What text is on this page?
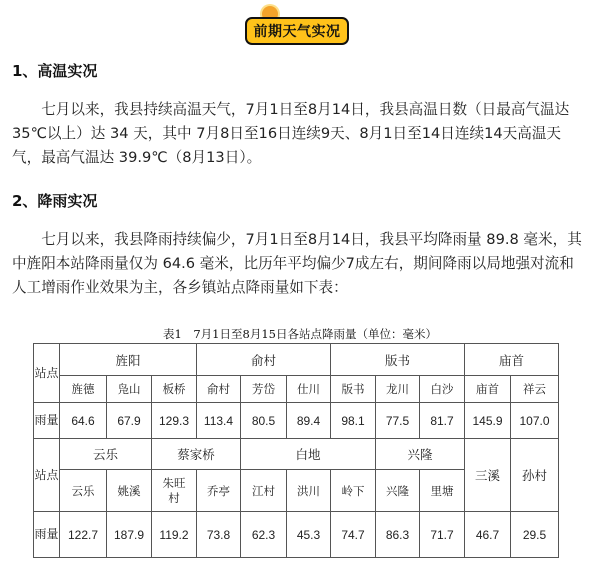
前期天气实况
1、高温实况
七月以来，我县持续高温天气，7月1日至8月14日，我县高温日数（日最高气温达35℃以上）达 34 天，其中 7月8日至16日连续9天、8月1日至14日连续14天高温天气，最高气温达 39.9℃（8月13日）。
2、降雨实况
七月以来，我县降雨持续偏少，7月1日至8月14日，我县平均降雨量 89.8 毫米，其中旌阳本站降雨量仅为 64.6 毫米，比历年平均偏少7成左右，期间降雨以局地强对流和人工增雨作业效果为主，各乡镇站点降雨量如下表：
表1　7月1日至8月15日各站点降雨量（单位：毫米）
站点	旌阳			俞村			版书			庙首	
	旌德	凫山	板桥	俞村	芳岱	仕川	版书	龙川	白沙	庙首	祥云
雨量	64.6	67.9	129.3	113.4	80.5	89.4	98.1	77.5	81.7	145.9	107.0
站点	云乐		蔡家桥		白地			兴隆		三溪	孙村
	云乐	姚溪	朱旺村	乔亭	江村	洪川	岭下	兴隆	里塘		
雨量	122.7	187.9	119.2	73.8	62.3	45.3	74.7	86.3	71.7	46.7	29.5
